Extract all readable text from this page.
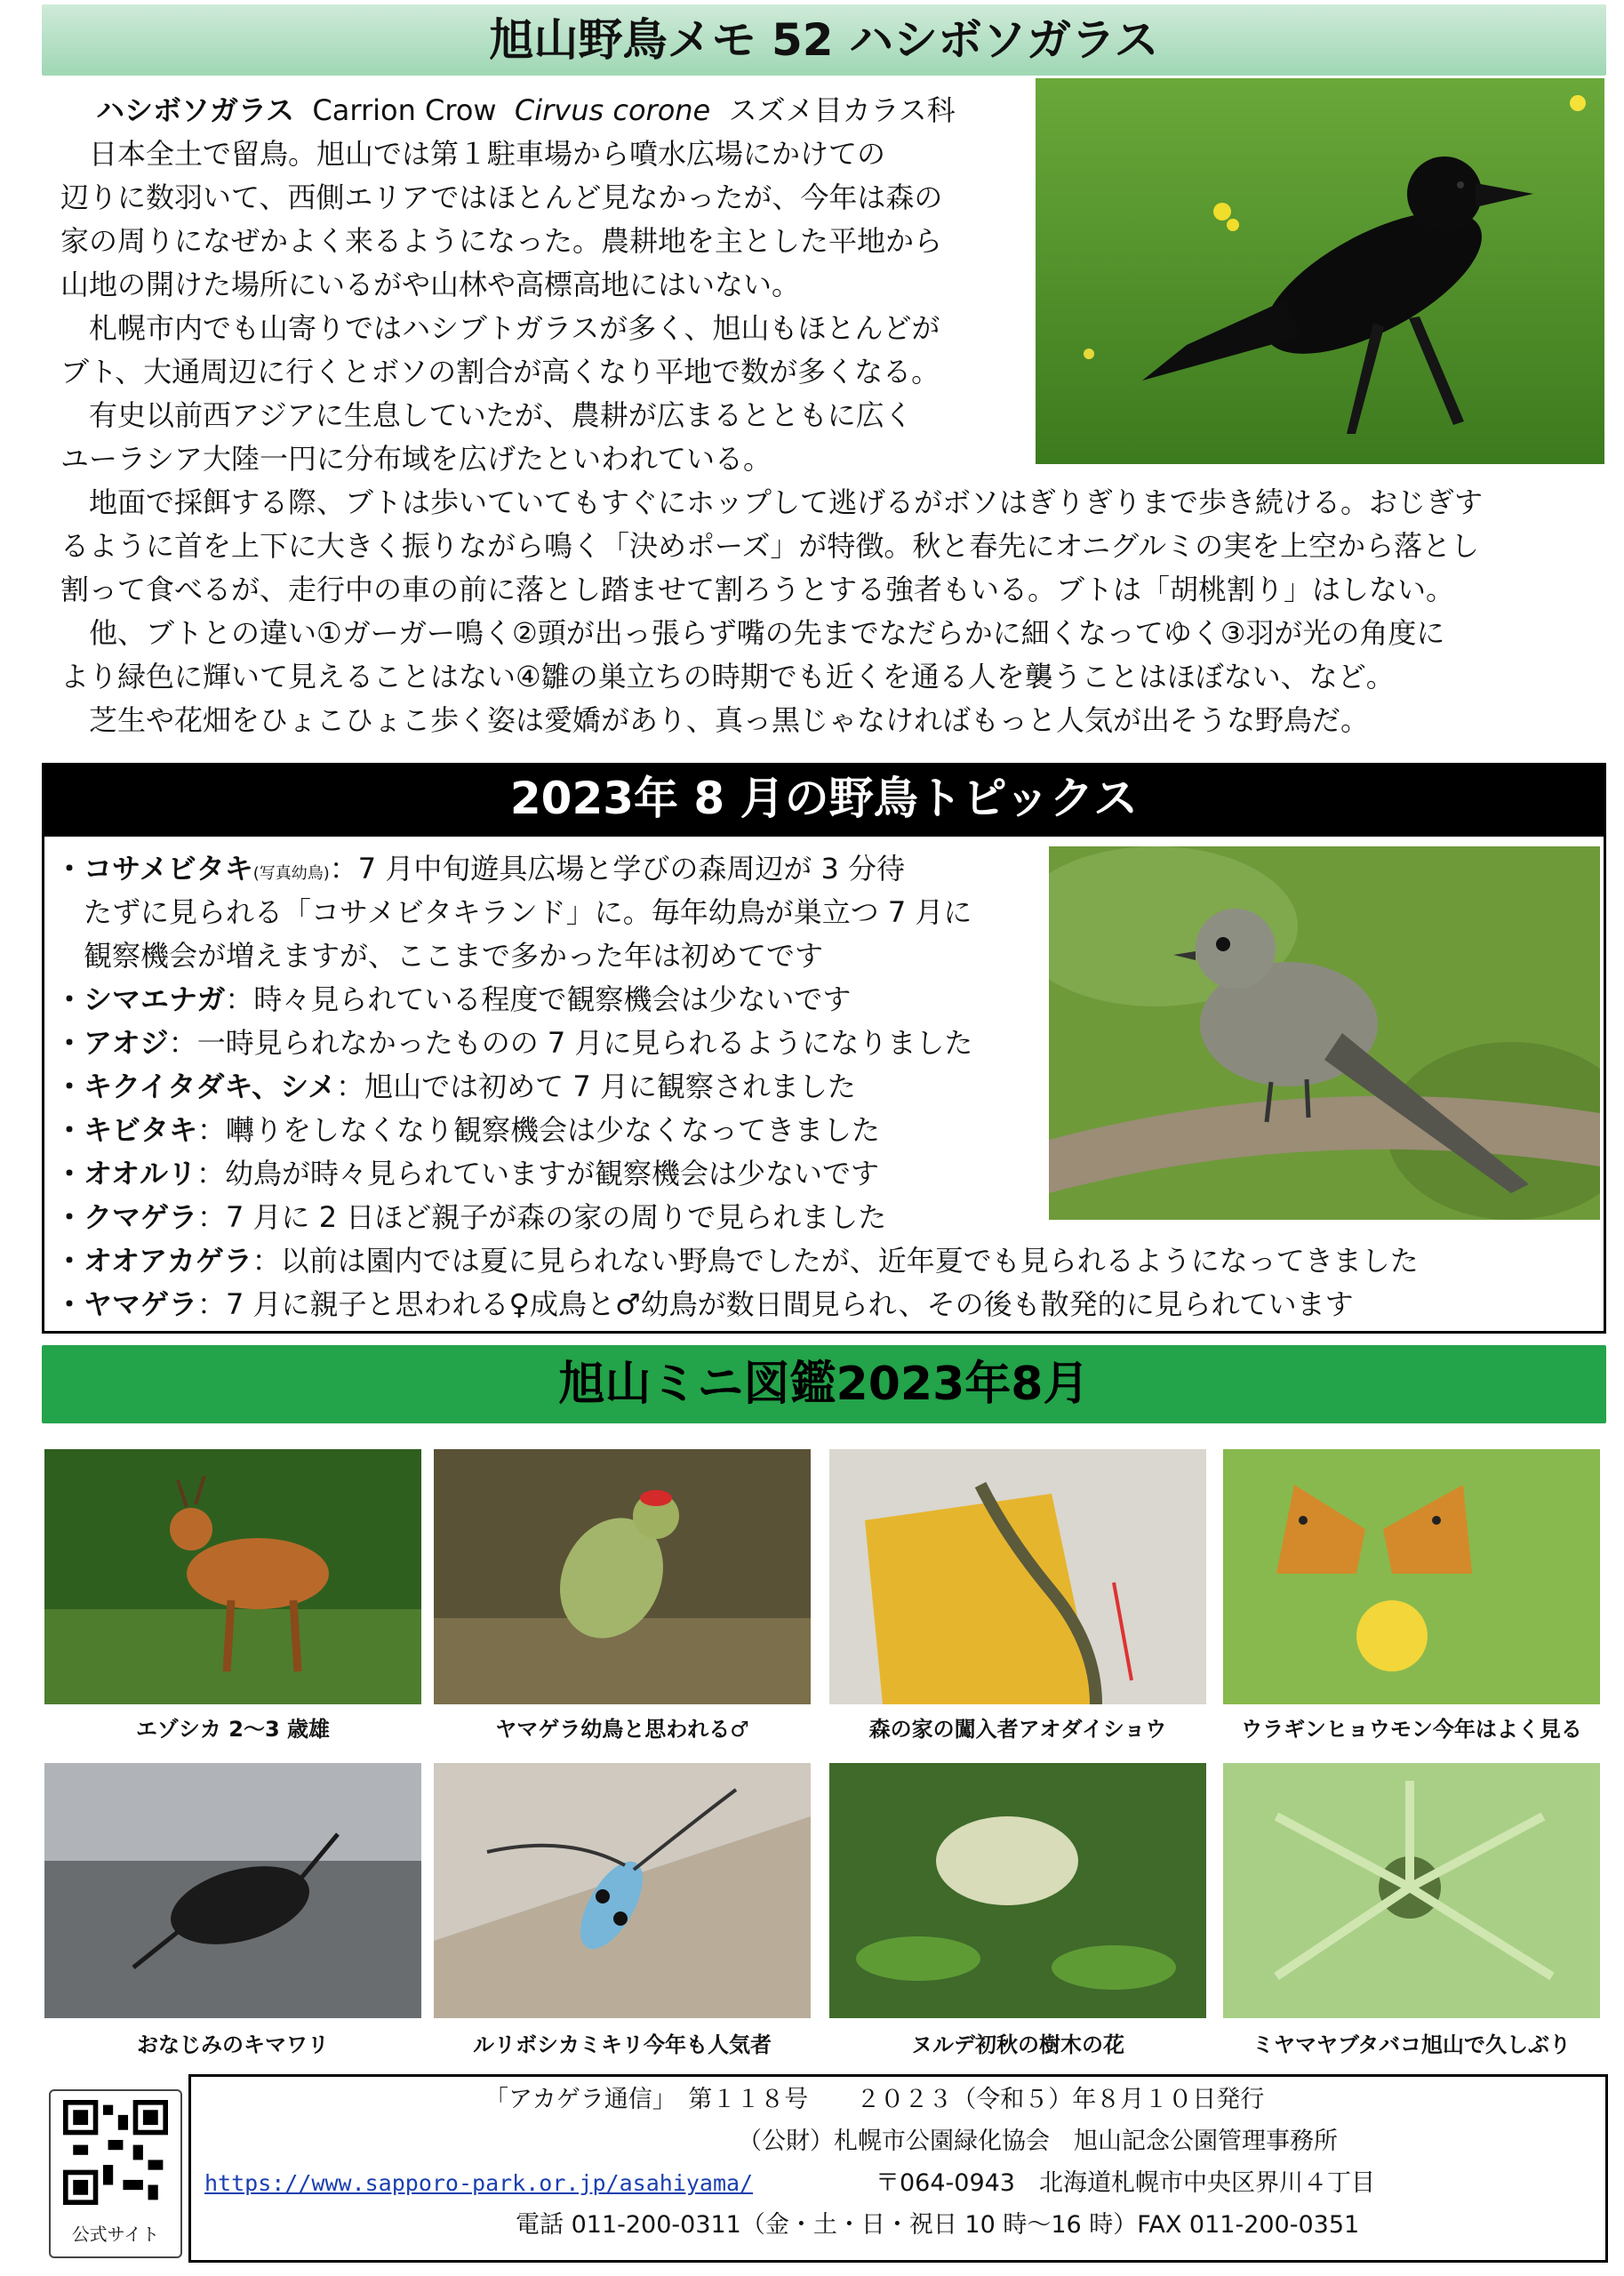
旭山野鳥メモ 52 ハシボソガラス
ハシボソガラス Carrion Crow Cirvus corone スズメ目カラス科
　日本全土で留鳥。旭山では第１駐車場から噴水広場にかけての
辺りに数羽いて、西側エリアではほとんど見なかったが、今年は森の
家の周りになぜかよく来るようになった。農耕地を主とした平地から
山地の開けた場所にいるがや山林や高標高地にはいない。
　札幌市内でも山寄りではハシブトガラスが多く、旭山もほとんどが
ブト、大通周辺に行くとボソの割合が高くなり平地で数が多くなる。
　有史以前西アジアに生息していたが、農耕が広まるとともに広く
ユーラシア大陸一円に分布域を広げたといわれている。
　地面で採餌する際、ブトは歩いていてもすぐにホップして逃げるがボソはぎりぎりまで歩き続ける。おじぎす
るように首を上下に大きく振りながら鳴く「決めポーズ」が特徴。秋と春先にオニグルミの実を上空から落とし
割って食べるが、走行中の車の前に落とし踏ませて割ろうとする強者もいる。ブトは「胡桃割り」はしない。
　他、ブトとの違い①ガーガー鳴く②頭が出っ張らず嘴の先までなだらかに細くなってゆく③羽が光の角度に
より緑色に輝いて見えることはない④雛の巣立ちの時期でも近くを通る人を襲うことはほぼない、など。
　芝生や花畑をひょこひょこ歩く姿は愛嬌があり、真っ黒じゃなければもっと人気が出そうな野鳥だ。
2023年 8 月の野鳥トピックス
・コサメビタキ(写真幼鳥)：7 月中旬遊具広場と学びの森周辺が 3 分待
　たずに見られる「コサメビタキランド」に。毎年幼鳥が巣立つ 7 月に
　観察機会が増えますが、ここまで多かった年は初めてです
・シマエナガ：時々見られている程度で観察機会は少ないです
・アオジ：一時見られなかったものの 7 月に見られるようになりました
・キクイタダキ、シメ：旭山では初めて 7 月に観察されました
・キビタキ：囀りをしなくなり観察機会は少なくなってきました
・オオルリ：幼鳥が時々見られていますが観察機会は少ないです
・クマゲラ：7 月に 2 日ほど親子が森の家の周りで見られました
・オオアカゲラ：以前は園内では夏に見られない野鳥でしたが、近年夏でも見られるようになってきました
・ヤマゲラ：7 月に親子と思われる♀成鳥と♂幼鳥が数日間見られ、その後も散発的に見られています
旭山ミニ図鑑2023年8月
エゾシカ 2～3 歳雄	ヤマゲラ幼鳥と思われる♂	森の家の闖入者アオダイショウ	ウラギンヒョウモン今年はよく見る
おなじみのキマワリ	ルリボシカミキリ今年も人気者	ヌルデ初秋の樹木の花	ミヤマヤブタバコ旭山で久しぶり
公式サイト
「アカゲラ通信」　第１１８号　　２０２３（令和５）年８月１０日発行
（公財）札幌市公園緑化協会　旭山記念公園管理事務所
https://www.sapporo-park.or.jp/asahiyama/	〒064-0943　北海道札幌市中央区界川４丁目
電話 011-200-0311（金・土・日・祝日 10 時～16 時）FAX 011-200-0351
